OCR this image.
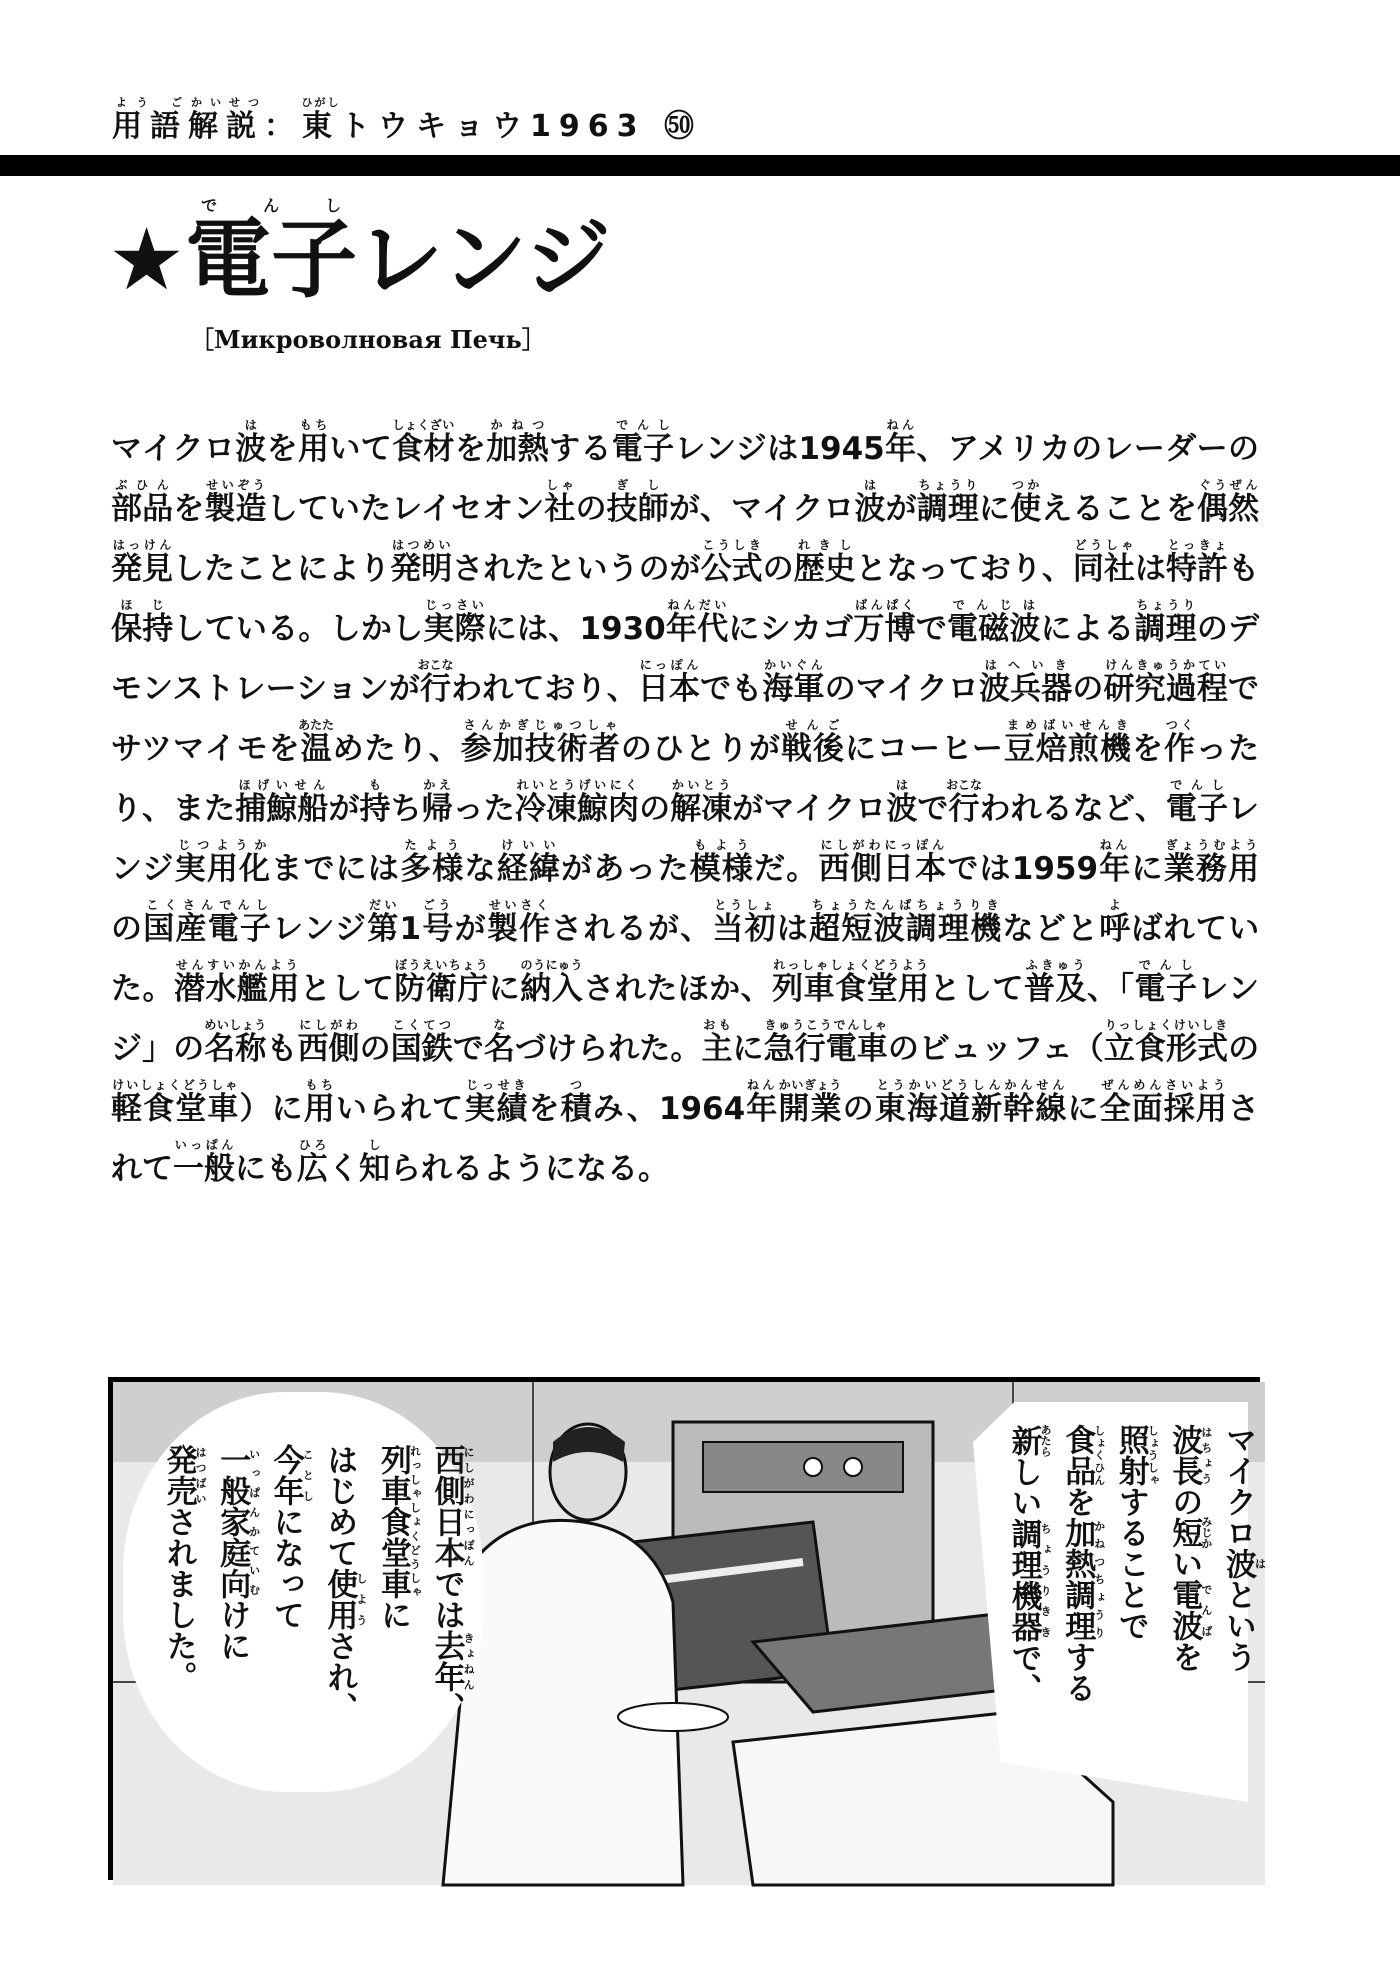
用語よう ご解説かいせつ：東ひがしトウキョウ1963 ㊿
★電子でんしレンジ
［Микроволновая Печь］
マイクロ波はを用もちいて食材しょくざいを加熱かねつする電子でんしレンジは1945年ねん、アメリカのレーダーの
部品ぶひんを製造せいぞうしていたレイセオン社しゃの技師ぎしが、マイクロ波はが調理ちょうりに使つかえることを偶然ぐうぜん
発見はっけんしたことにより発明はつめいされたというのが公式こうしきの歴史れきしとなっており、同社どうしゃは特許とっきょも
保持ほじしている。しかし実際じっさいには、1930年代ねんだいにシカゴ万博ばんぱくで電磁波でんじはによる調理ちょうりのデ
モンストレーションが行おこなわれており、日本にっぽんでも海軍かいぐんのマイクロ波兵器はへいきの研究過程けんきゅうかていで
サツマイモを温あたためたり、参加技術者さんかぎじゅつしゃのひとりが戦後せんごにコーヒー豆焙煎機まめばいせんきを作つくった
り、また捕鯨船ほげいせんが持もち帰かえった冷凍鯨肉れいとうげいにくの解凍かいとうがマイクロ波はで行おこなわれるなど、電子でんしレ
ンジ実用化じつようかまでには多様たような経緯けいいがあった模様もようだ。西側日本にしがわにっぽんでは1959年ねんに業務用ぎょうむよう
の国産電子こくさんでんしレンジ第だい1号ごうが製作せいさくされるが、当初とうしょは超短波調理機ちょうたんぱちょうりきなどと呼よばれてい
た。潜水艦用せんすいかんようとして防衛庁ぼうえいちょうに納入のうにゅうされたほか、列車食堂用れっしゃしょくどうようとして普及ふきゅう、「電子でんしレン
ジ」の名称めいしょうも西側にしがわの国鉄こくてつで名なづけられた。主おもに急行電車きゅうこうでんしゃのビュッフェ（立食形式りっしょくけいしきの
軽食堂車けいしょくどうしゃ）に用もちいられて実績じっせきを積つみ、1964年ねん開業かいぎょうの東海道新幹線とうかいどうしんかんせんに全面採用ぜんめんさいようさ
れて一般いっぱんにも広ひろく知しられるようになる。
マイクロ波はという
波長はちょうの短みじかい電波でんぱを
照射しょうしゃすることで
食品しょくひんを加熱調理かねつちょうりする
新あたらしい調理機器ちょうりききで、
西側日本にしがわにっぽんでは去年きょねん、
列車食堂車れっしゃしょくどうしゃに
はじめて使用しようされ、
今年ことしになって
一般家庭向いっぱんかていむけに
発売はつばいされました。
